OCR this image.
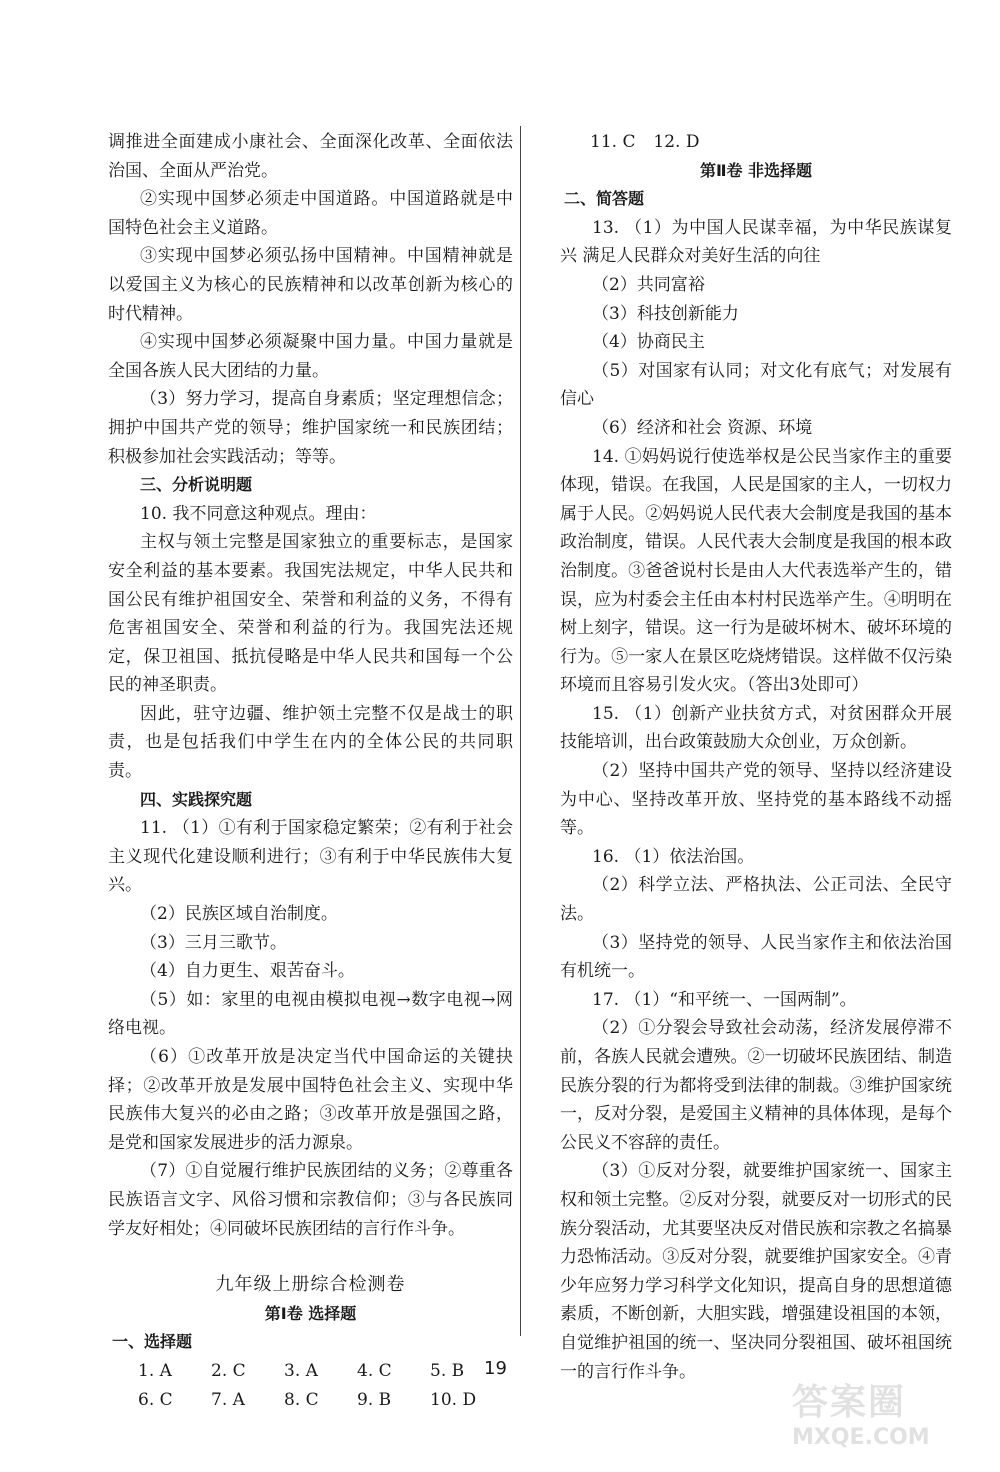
调推进全面建成小康社会、全面深化改革、全面依法治国、全面从严治党。

②实现中国梦必须走中国道路。中国道路就是中国特色社会主义道路。

③实现中国梦必须弘扬中国精神。中国精神就是以爱国主义为核心的民族精神和以改革创新为核心的时代精神。

④实现中国梦必须凝聚中国力量。中国力量就是全国各族人民大团结的力量。

（3）努力学习，提高自身素质；坚定理想信念；拥护中国共产党的领导；维护国家统一和民族团结；积极参加社会实践活动；等等。

三、分析说明题

10. 我不同意这种观点。理由：

主权与领土完整是国家独立的重要标志，是国家安全利益的基本要素。我国宪法规定，中华人民共和国公民有维护祖国安全、荣誉和利益的义务，不得有危害祖国安全、荣誉和利益的行为。我国宪法还规定，保卫祖国、抵抗侵略是中华人民共和国每一个公民的神圣职责。

因此，驻守边疆、维护领土完整不仅是战士的职责，也是包括我们中学生在内的全体公民的共同职责。

四、实践探究题

11. （1）①有利于国家稳定繁荣；②有利于社会主义现代化建设顺利进行；③有利于中华民族伟大复兴。

（2）民族区域自治制度。

（3）三月三歌节。

（4）自力更生、艰苦奋斗。

（5）如：家里的电视由模拟电视→数字电视→网络电视。

（6）①改革开放是决定当代中国命运的关键抉择；②改革开放是发展中国特色社会主义、实现中华民族伟大复兴的必由之路；③改革开放是强国之路，是党和国家发展进步的活力源泉。

（7）①自觉履行维护民族团结的义务；②尊重各民族语言文字、风俗习惯和宗教信仰；③与各民族同学友好相处；④同破坏民族团结的言行作斗争。

九年级上册综合检测卷

第Ⅰ卷 选择题

一、选择题

1. A	2. C	3. A	4. C	5. B
6. C	7. A	8. C	9. B	10. D
11. C 12. D

第Ⅱ卷 非选择题

二、简答题

13. （1）为中国人民谋幸福，为中华民族谋复兴 满足人民群众对美好生活的向往

（2）共同富裕

（3）科技创新能力

（4）协商民主

（5）对国家有认同；对文化有底气；对发展有信心

（6）经济和社会 资源、环境

14. ①妈妈说行使选举权是公民当家作主的重要体现，错误。在我国，人民是国家的主人，一切权力属于人民。②妈妈说人民代表大会制度是我国的基本政治制度，错误。人民代表大会制度是我国的根本政治制度。③爸爸说村长是由人大代表选举产生的，错误，应为村委会主任由本村村民选举产生。④明明在树上刻字，错误。这一行为是破坏树木、破坏环境的行为。⑤一家人在景区吃烧烤错误。这样做不仅污染环境而且容易引发火灾。（答出3处即可）

15. （1）创新产业扶贫方式，对贫困群众开展技能培训，出台政策鼓励大众创业，万众创新。

（2）坚持中国共产党的领导、坚持以经济建设为中心、坚持改革开放、坚持党的基本路线不动摇等。

16. （1）依法治国。

（2）科学立法、严格执法、公正司法、全民守法。

（3）坚持党的领导、人民当家作主和依法治国有机统一。

17. （1）“和平统一、一国两制”。

（2）①分裂会导致社会动荡，经济发展停滞不前，各族人民就会遭殃。②一切破坏民族团结、制造民族分裂的行为都将受到法律的制裁。③维护国家统一，反对分裂，是爱国主义精神的具体体现，是每个公民义不容辞的责任。

（3）①反对分裂，就要维护国家统一、国家主权和领土完整。②反对分裂，就要反对一切形式的民族分裂活动，尤其要坚决反对借民族和宗教之名搞暴力恐怖活动。③反对分裂，就要维护国家安全。④青少年应努力学习科学文化知识，提高自身的思想道德素质，不断创新，大胆实践，增强建设祖国的本领，自觉维护祖国的统一、坚决同分裂祖国、破坏祖国统一的言行作斗争。

19
答案圈
MXQE.COM
